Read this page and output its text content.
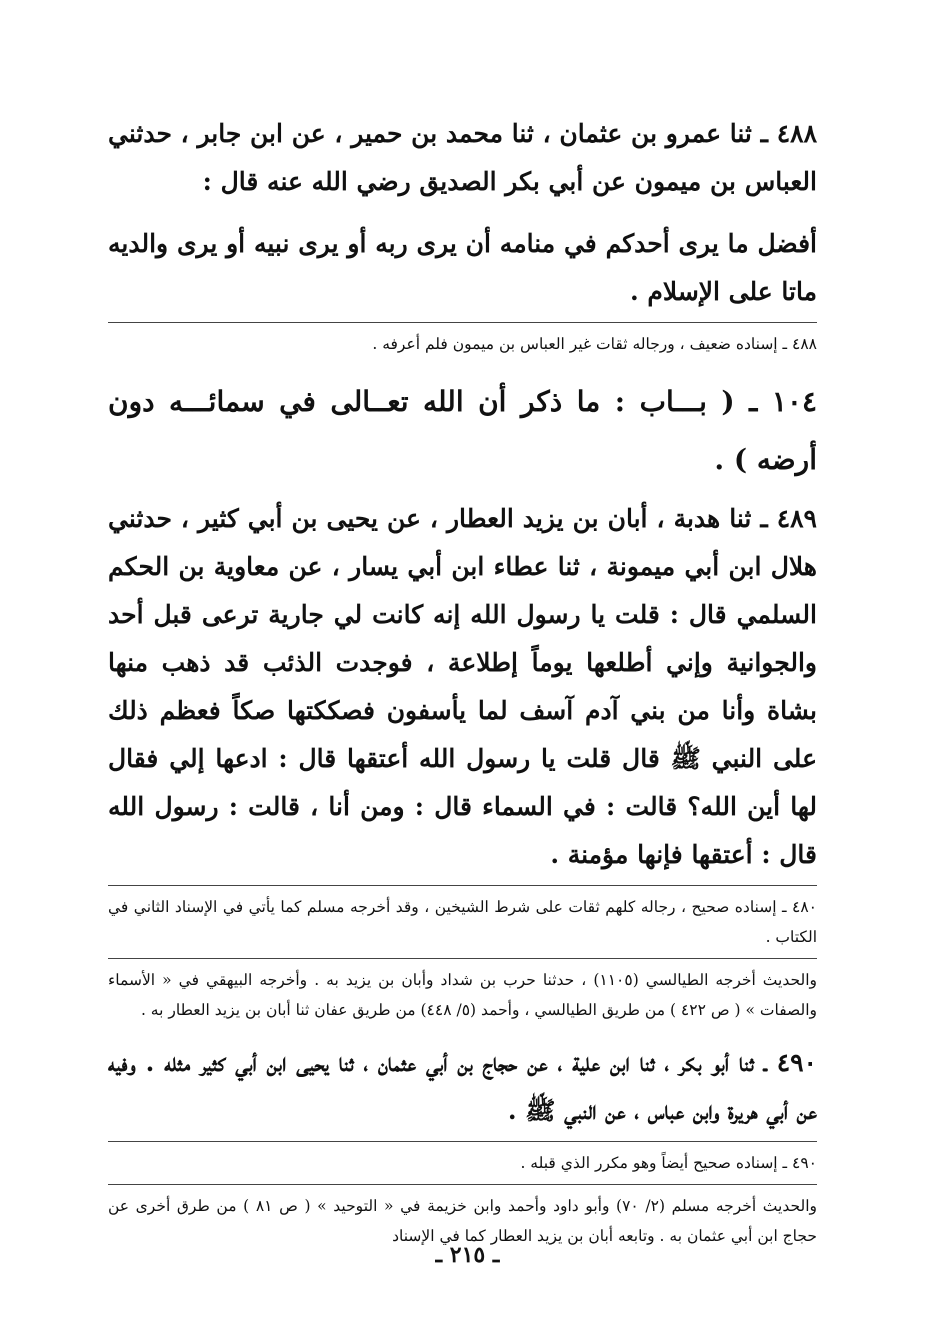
٤٨٨ ـ ثنا عمرو بن عثمان ، ثنا محمد بن حمير ، عن ابن جابر ، حدثني العباس بن ميمون عن أبي بكر الصديق رضي الله عنه قال :

أفضل ما يرى أحدكم في منامه أن يرى ربه أو يرى نبيه أو يرى والديه ماتا على الإسلام .

٤٨٨ ـ إسناده ضعيف ، ورجاله ثقات غير العباس بن ميمون فلم أعرفه .

١٠٤ ـ ( بـــاب : ما ذكر أن الله تعــالى في سمائـــه دون أرضه ) .

٤٨٩ ـ ثنا هدبة ، أبان بن يزيد العطار ، عن يحيى بن أبي كثير ، حدثني هلال ابن أبي ميمونة ، ثنا عطاء ابن أبي يسار ، عن معاوية بن الحكم السلمي قال : قلت يا رسول الله إنه كانت لي جارية ترعى قبل أحد والجوانية وإني أطلعها يوماً إطلاعة ، فوجدت الذئب قد ذهب منها بشاة وأنا من بني آدم آسف لما يأسفون فصككتها صكاً فعظم ذلك على النبي ﷺ قال قلت يا رسول الله أعتقها قال : ادعها إلي فقال لها أين الله؟ قالت : في السماء قال : ومن أنا ، قالت : رسول الله قال : أعتقها فإنها مؤمنة .

٤٨٠ ـ إسناده صحيح ، رجاله كلهم ثقات على شرط الشيخين ، وقد أخرجه مسلم كما يأتي في الإسناد الثاني في الكتاب .

والحديث أخرجه الطيالسي (١١٠٥) ، حدثنا حرب بن شداد وأبان بن يزيد به . وأخرجه البيهقي في « الأسماء والصفات » ( ص ٤٢٢ ) من طريق الطيالسي ، وأحمد (٥/ ٤٤٨) من طريق عفان ثنا أبان بن يزيد العطار به .

٤٩٠ ـ ثنا أبو بكر ، ثنا ابن علية ، عن حجاج بن أبي عثمان ، ثنا يحيى ابن أبي كثير مثله . وفيه عن أبي هريرة وابن عباس ، عن النبي ﷺ .

٤٩٠ ـ إسناده صحيح أيضاً وهو مكرر الذي قبله .

والحديث أخرجه مسلم (٢/ ٧٠) وأبو داود وأحمد وابن خزيمة في « التوحيد » ( ص ٨١ ) من طرق أخرى عن حجاج ابن أبي عثمان به . وتابعه أبان بن يزيد العطار كما في الإسناد

ـ ٢١٥ ـ
